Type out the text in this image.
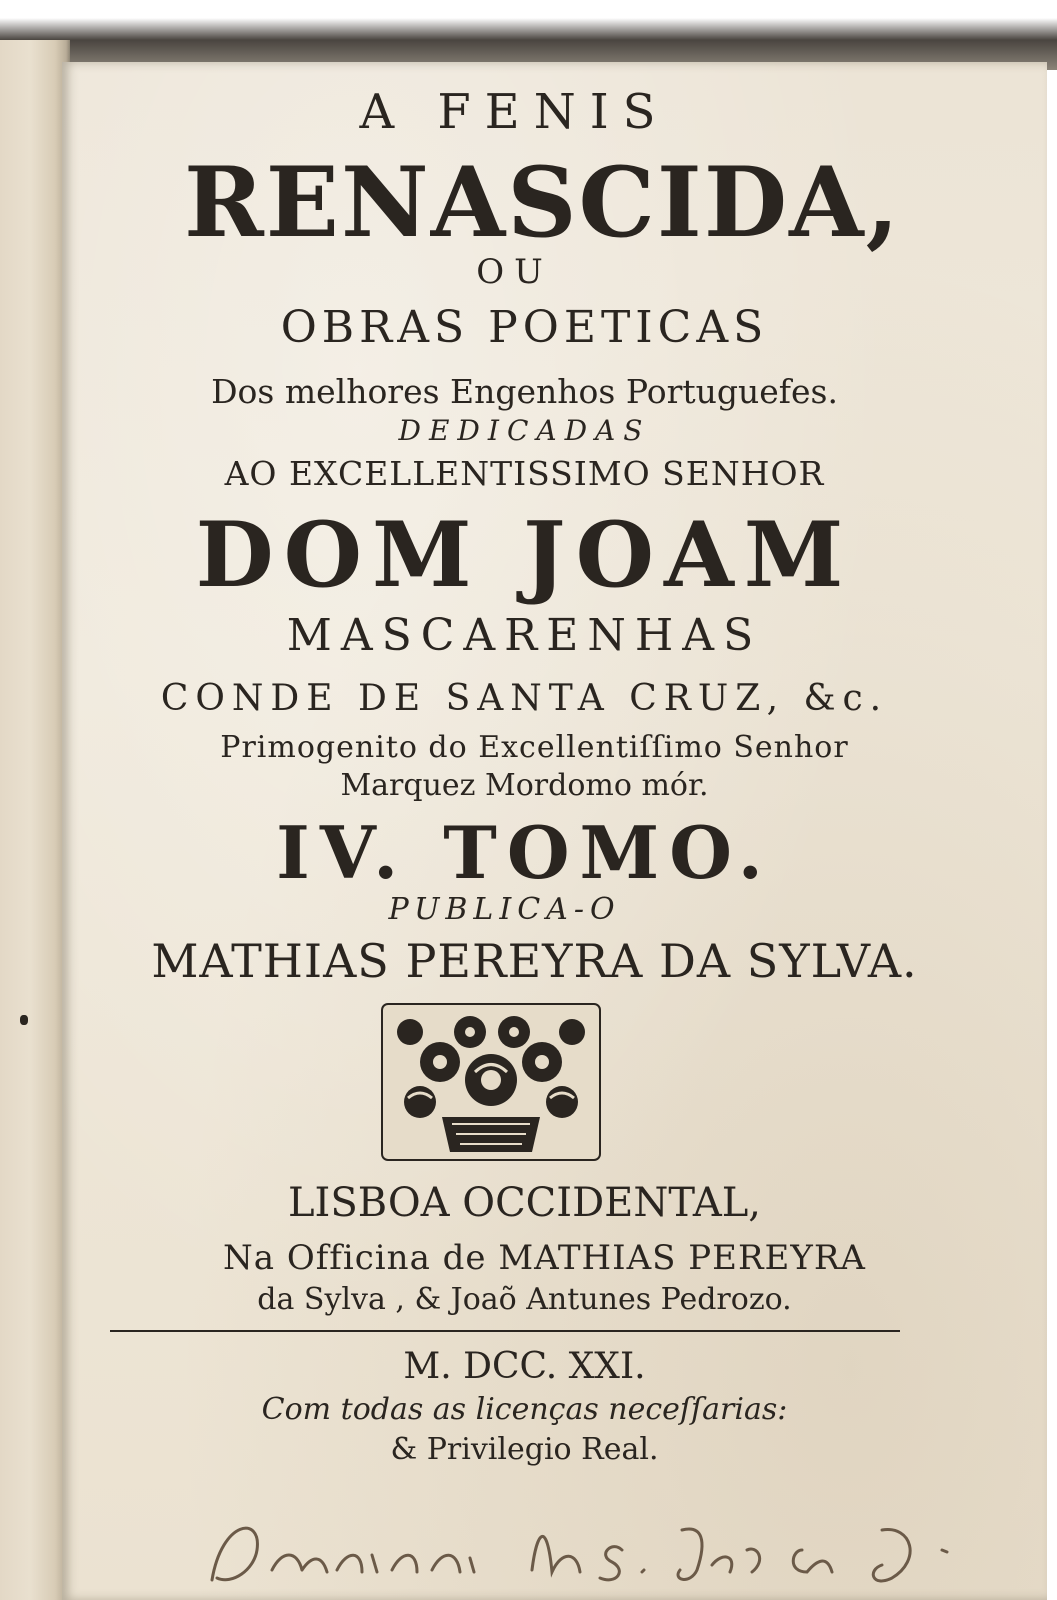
A FENIS
RENASCIDA,
OU
OBRAS POETICAS
Dos melhores Engenhos Portuguefes.
DEDICADAS
AO EXCELLENTISSIMO SENHOR
DOM JOAM
MASCARENHAS
CONDE DE SANTA CRUZ, &c.
Primogenito do Excellentiſſimo Senhor
Marquez Mordomo mór.
IV. TOMO.
PUBLICA-O
MATHIAS PEREYRA DA SYLVA.
LISBOA OCCIDENTAL,
Na Officina de MATHIAS PEREYRA
da Sylva , & Joaõ Antunes Pedrozo.
M. DCC. XXI.
Com todas as licenças neceſſarias:
& Privilegio Real.
